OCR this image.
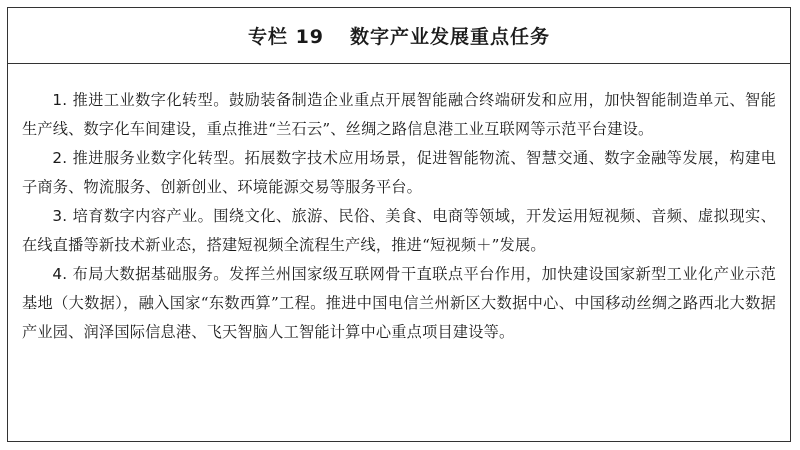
专栏 19 数字产业发展重点任务

1. 推进工业数字化转型。鼓励装备制造企业重点开展智能融合终端研发和应用，加快智能制造单元、智能生产线、数字化车间建设，重点推进“兰石云”、丝绸之路信息港工业互联网等示范平台建设。

2. 推进服务业数字化转型。拓展数字技术应用场景，促进智能物流、智慧交通、数字金融等发展，构建电子商务、物流服务、创新创业、环境能源交易等服务平台。

3. 培育数字内容产业。围绕文化、旅游、民俗、美食、电商等领域，开发运用短视频、音频、虚拟现实、在线直播等新技术新业态，搭建短视频全流程生产线，推进“短视频＋”发展。

4. 布局大数据基础服务。发挥兰州国家级互联网骨干直联点平台作用，加快建设国家新型工业化产业示范基地（大数据），融入国家“东数西算”工程。推进中国电信兰州新区大数据中心、中国移动丝绸之路西北大数据产业园、润泽国际信息港、飞天智脑人工智能计算中心重点项目建设等。
